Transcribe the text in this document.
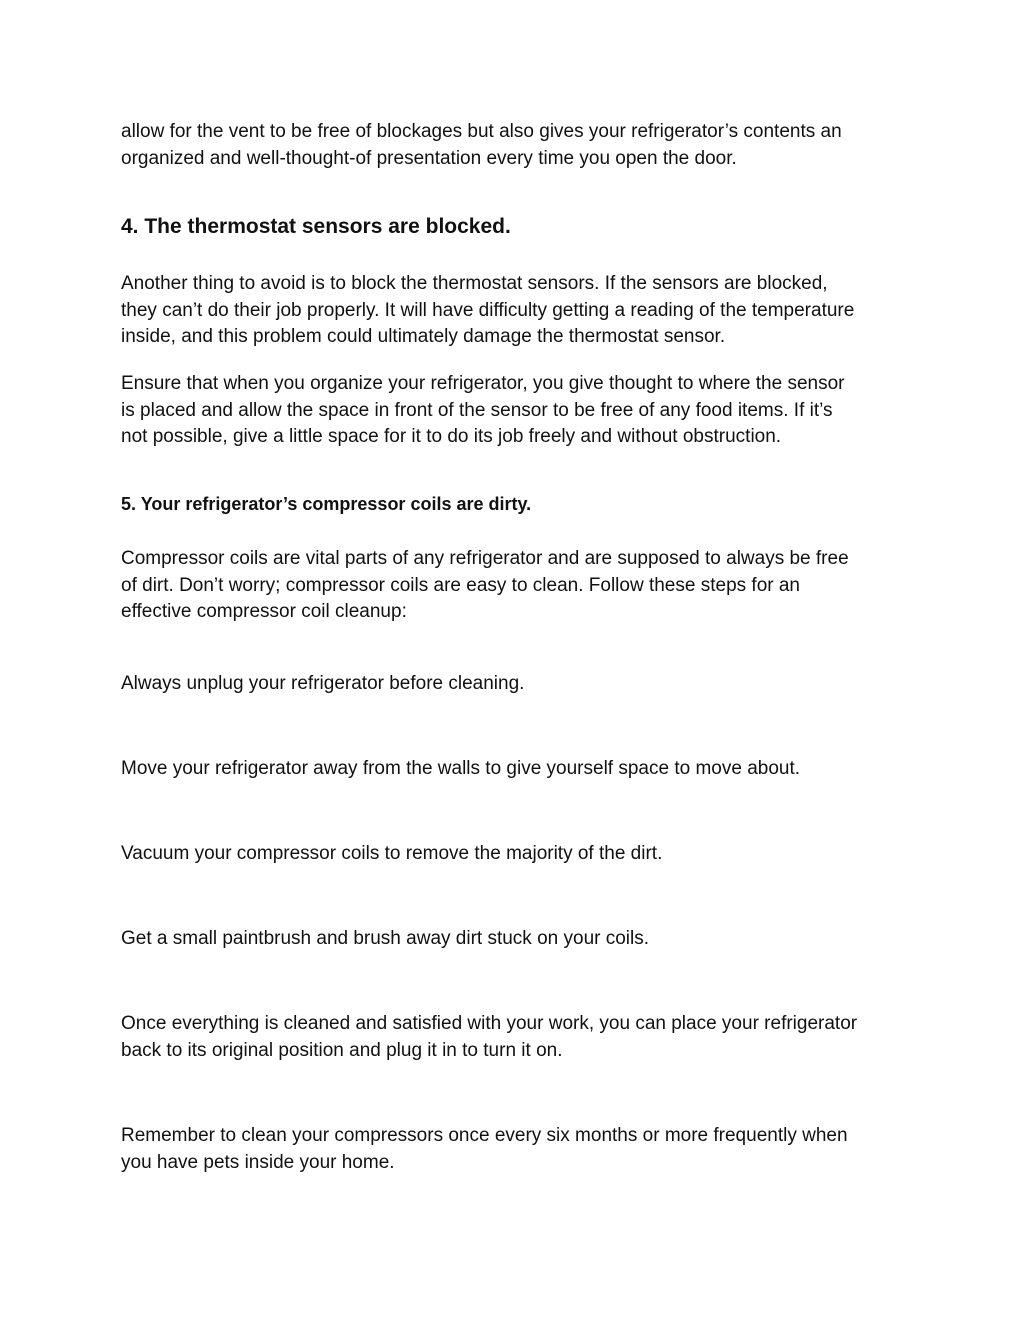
allow for the vent to be free of blockages but also gives your refrigerator’s contents an
organized and well-thought-of presentation every time you open the door.

4. The thermostat sensors are blocked.

Another thing to avoid is to block the thermostat sensors. If the sensors are blocked,
they can’t do their job properly. It will have difficulty getting a reading of the temperature
inside, and this problem could ultimately damage the thermostat sensor.

Ensure that when you organize your refrigerator, you give thought to where the sensor
is placed and allow the space in front of the sensor to be free of any food items. If it’s
not possible, give a little space for it to do its job freely and without obstruction.

5. Your refrigerator’s compressor coils are dirty.

Compressor coils are vital parts of any refrigerator and are supposed to always be free
of dirt. Don’t worry; compressor coils are easy to clean. Follow these steps for an
effective compressor coil cleanup:

Always unplug your refrigerator before cleaning.

Move your refrigerator away from the walls to give yourself space to move about.

Vacuum your compressor coils to remove the majority of the dirt.

Get a small paintbrush and brush away dirt stuck on your coils.

Once everything is cleaned and satisfied with your work, you can place your refrigerator
back to its original position and plug it in to turn it on.

Remember to clean your compressors once every six months or more frequently when
you have pets inside your home.
